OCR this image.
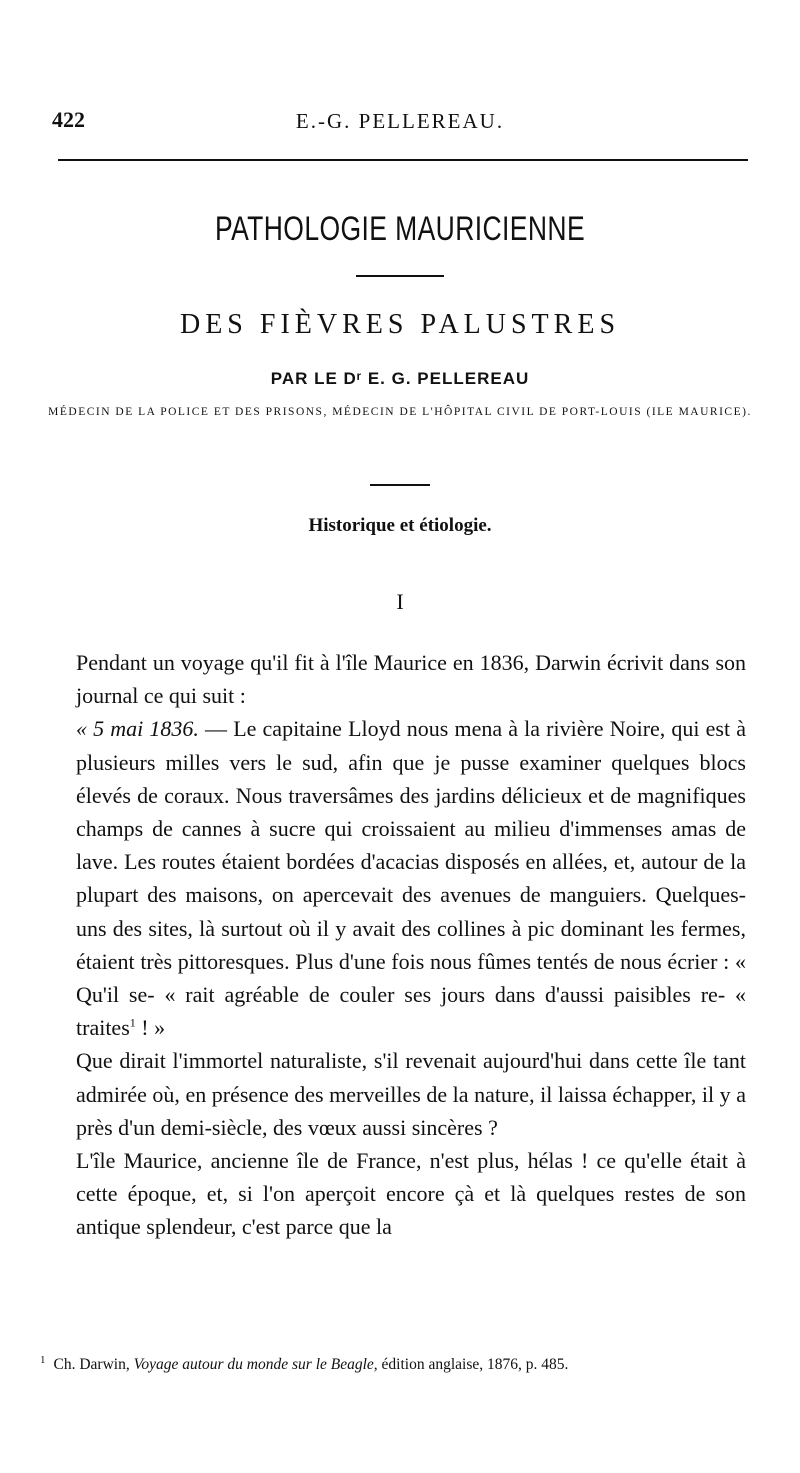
422	E.-G. PELLEREAU.
PATHOLOGIE MAURICIENNE
DES FIÈVRES PALUSTRES
PAR LE Dʳ E. G. PELLEREAU
MÉDECIN DE LA POLICE ET DES PRISONS, MÉDECIN DE L'HÔPITAL CIVIL DE PORT-LOUIS (ILE MAURICE).
Historique et étiologie.
I

Pendant un voyage qu'il fit à l'île Maurice en 1836, Darwin écrivit dans son journal ce qui suit :

« 5 mai 1836. — Le capitaine Lloyd nous mena à la rivière Noire, qui est à plusieurs milles vers le sud, afin que je pusse examiner quelques blocs élevés de coraux. Nous traversâmes des jardins délicieux et de magnifiques champs de cannes à sucre qui croissaient au milieu d'immenses amas de lave. Les routes étaient bordées d'acacias disposés en allées, et, autour de la plupart des maisons, on apercevait des avenues de manguiers. Quelques-uns des sites, là surtout où il y avait des collines à pic dominant les fermes, étaient très pittoresques. Plus d'une fois nous fûmes tentés de nous écrier : « Qu'il se- « rait agréable de couler ses jours dans d'aussi paisibles re- « traites$^1$ ! »

Que dirait l'immortel naturaliste, s'il revenait aujourd'hui dans cette île tant admirée où, en présence des merveilles de la nature, il laissa échapper, il y a près d'un demi-siècle, des vœux aussi sincères ?

L'île Maurice, ancienne île de France, n'est plus, hélas ! ce qu'elle était à cette époque, et, si l'on aperçoit encore çà et là quelques restes de son antique splendeur, c'est parce que la

$^1$ Ch. Darwin, Voyage autour du monde sur le Beagle, édition anglaise, 1876, p. 485.
